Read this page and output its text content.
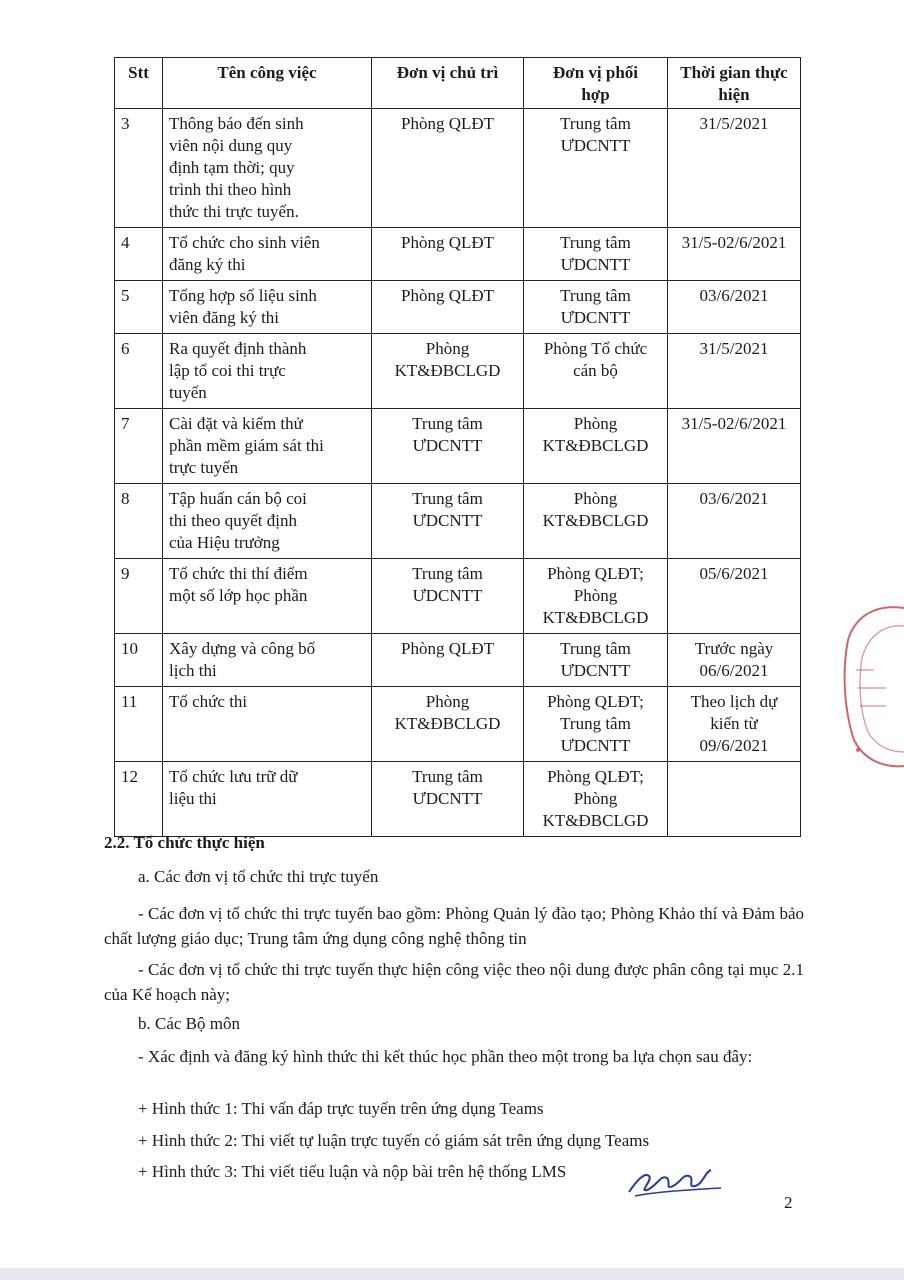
Stt	Tên công việc	Đơn vị chủ trì	Đơn vị phối
hợp	Thời gian thực
hiện

3	Thông báo đến sinh
viên nội dung quy
định tạm thời; quy
trình thi theo hình
thức thi trực tuyến.	Phòng QLĐT	Trung tâm
ƯDCNTT	31/5/2021

4	Tổ chức cho sinh viên
đăng ký thi	Phòng QLĐT	Trung tâm
ƯDCNTT	31/5-02/6/2021

5	Tổng hợp số liệu sinh
viên đăng ký thi	Phòng QLĐT	Trung tâm
ƯDCNTT	03/6/2021

6	Ra quyết định thành
lập tổ coi thi trực
tuyến	Phòng
KT&ĐBCLGD	Phòng Tổ chức
cán bộ	31/5/2021

7	Cài đặt và kiểm thử
phần mềm giám sát thi
trực tuyến	Trung tâm
ƯDCNTT	Phòng
KT&ĐBCLGD	31/5-02/6/2021

8	Tập huấn cán bộ coi
thi theo quyết định
của Hiệu trưởng	Trung tâm
ƯDCNTT	Phòng
KT&ĐBCLGD	03/6/2021

9	Tổ chức thi thí điểm
một số lớp học phần	Trung tâm
ƯDCNTT	Phòng QLĐT;
Phòng
KT&ĐBCLGD	05/6/2021

10	Xây dựng và công bố
lịch thi	Phòng QLĐT	Trung tâm
ƯDCNTT	Trước ngày
06/6/2021

11	Tổ chức thi	Phòng
KT&ĐBCLGD	Phòng QLĐT;
Trung tâm
ƯDCNTT	Theo lịch dự
kiến từ
09/6/2021

12	Tổ chức lưu trữ dữ
liệu thi	Trung tâm
ƯDCNTT	Phòng QLĐT;
Phòng
KT&ĐBCLGD	

2.2. Tổ chức thực hiện
a. Các đơn vị tổ chức thi trực tuyến
- Các đơn vị tổ chức thi trực tuyến bao gồm: Phòng Quản lý đào tạo; Phòng Khảo thí và Đảm bảo chất lượng giáo dục; Trung tâm ứng dụng công nghệ thông tin
- Các đơn vị tổ chức thi trực tuyến thực hiện công việc theo nội dung được phân công tại mục 2.1 của Kế hoạch này;
b. Các Bộ môn
- Xác định và đăng ký hình thức thi kết thúc học phần theo một trong ba lựa chọn sau đây:
+ Hình thức 1: Thi vấn đáp trực tuyến trên ứng dụng Teams
+ Hình thức 2: Thi viết tự luận trực tuyến có giám sát trên ứng dụng Teams
+ Hình thức 3: Thi viết tiểu luận và nộp bài trên hệ thống LMS
2
